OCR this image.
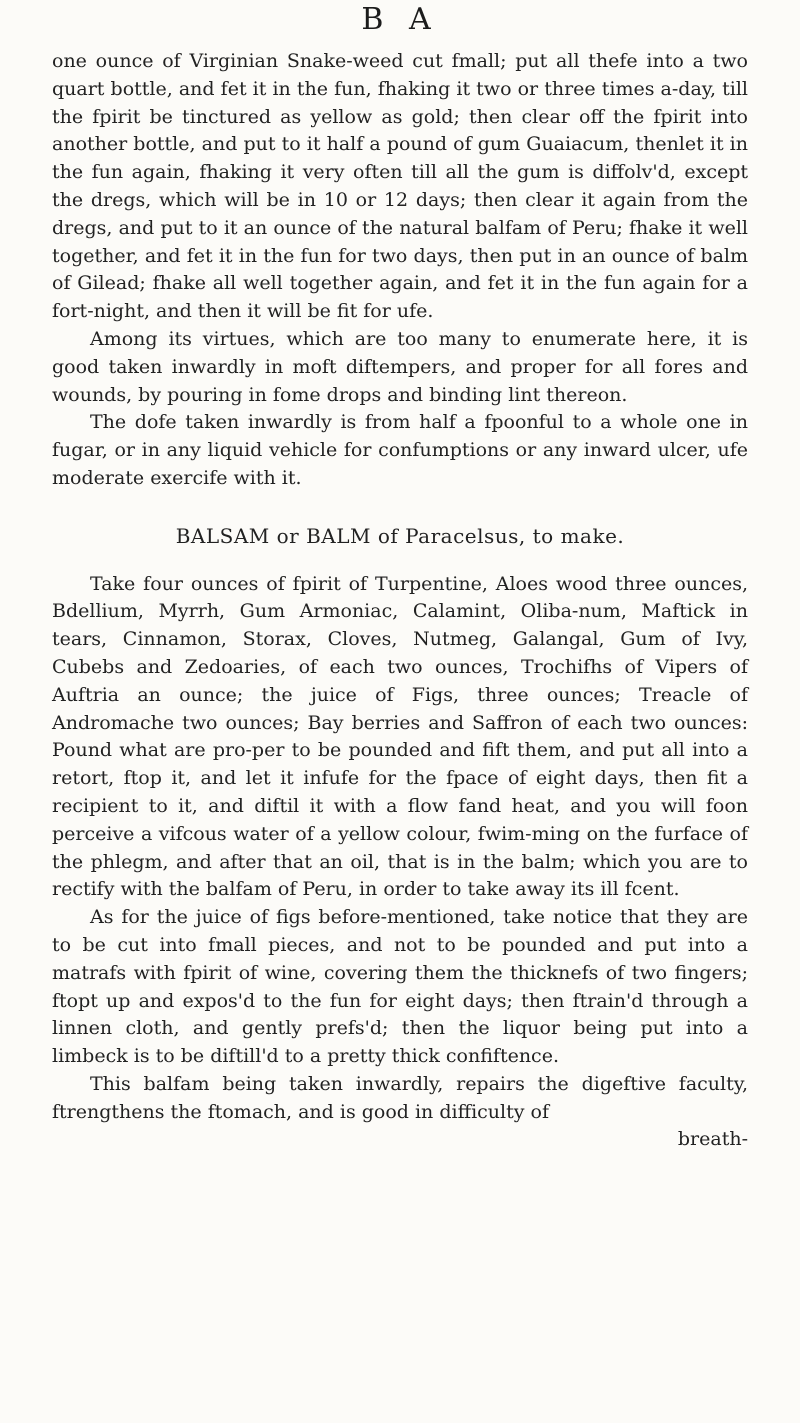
B A

one ounce of Virginian Snake-weed cut fmall; put all thefe into a two quart bottle, and fet it in the fun, fhaking it two or three times a-day, till the fpirit be tinctured as yellow as gold; then clear off the fpirit into another bottle, and put to it half a pound of gum Guaiacum, thenlet it in the fun again, fhaking it very often till all the gum is diffolv'd, except the dregs, which will be in 10 or 12 days; then clear it again from the dregs, and put to it an ounce of the natural balfam of Peru; fhake it well together, and fet it in the fun for two days, then put in an ounce of balm of Gilead; fhake all well together again, and fet it in the fun again for a fort-night, and then it will be fit for ufe.

Among its virtues, which are too many to enumerate here, it is good taken inwardly in moft diftempers, and proper for all fores and wounds, by pouring in fome drops and binding lint thereon.

The dofe taken inwardly is from half a fpoonful to a whole one in fugar, or in any liquid vehicle for confumptions or any inward ulcer, ufe moderate exercife with it.

BALSAM or BALM of Paracelsus, to make.

Take four ounces of fpirit of Turpentine, Aloes wood three ounces, Bdellium, Myrrh, Gum Armoniac, Calamint, Oliba-num, Maftick in tears, Cinnamon, Storax, Cloves, Nutmeg, Galangal, Gum of Ivy, Cubebs and Zedoaries, of each two ounces, Trochifhs of Vipers of Auftria an ounce; the juice of Figs, three ounces; Treacle of Andromache two ounces; Bay berries and Saffron of each two ounces: Pound what are pro-per to be pounded and fift them, and put all into a retort, ftop it, and let it infufe for the fpace of eight days, then fit a recipient to it, and diftil it with a flow fand heat, and you will foon perceive a vifcous water of a yellow colour, fwim-ming on the furface of the phlegm, and after that an oil, that is in the balm; which you are to rectify with the balfam of Peru, in order to take away its ill fcent.

As for the juice of figs before-mentioned, take notice that they are to be cut into fmall pieces, and not to be pounded and put into a matrafs with fpirit of wine, covering them the thicknefs of two fingers; ftopt up and expos'd to the fun for eight days; then ftrain'd through a linnen cloth, and gently prefs'd; then the liquor being put into a limbeck is to be diftill'd to a pretty thick confiftence.

This balfam being taken inwardly, repairs the digeftive faculty, ftrengthens the ftomach, and is good in difficulty of

breath-
